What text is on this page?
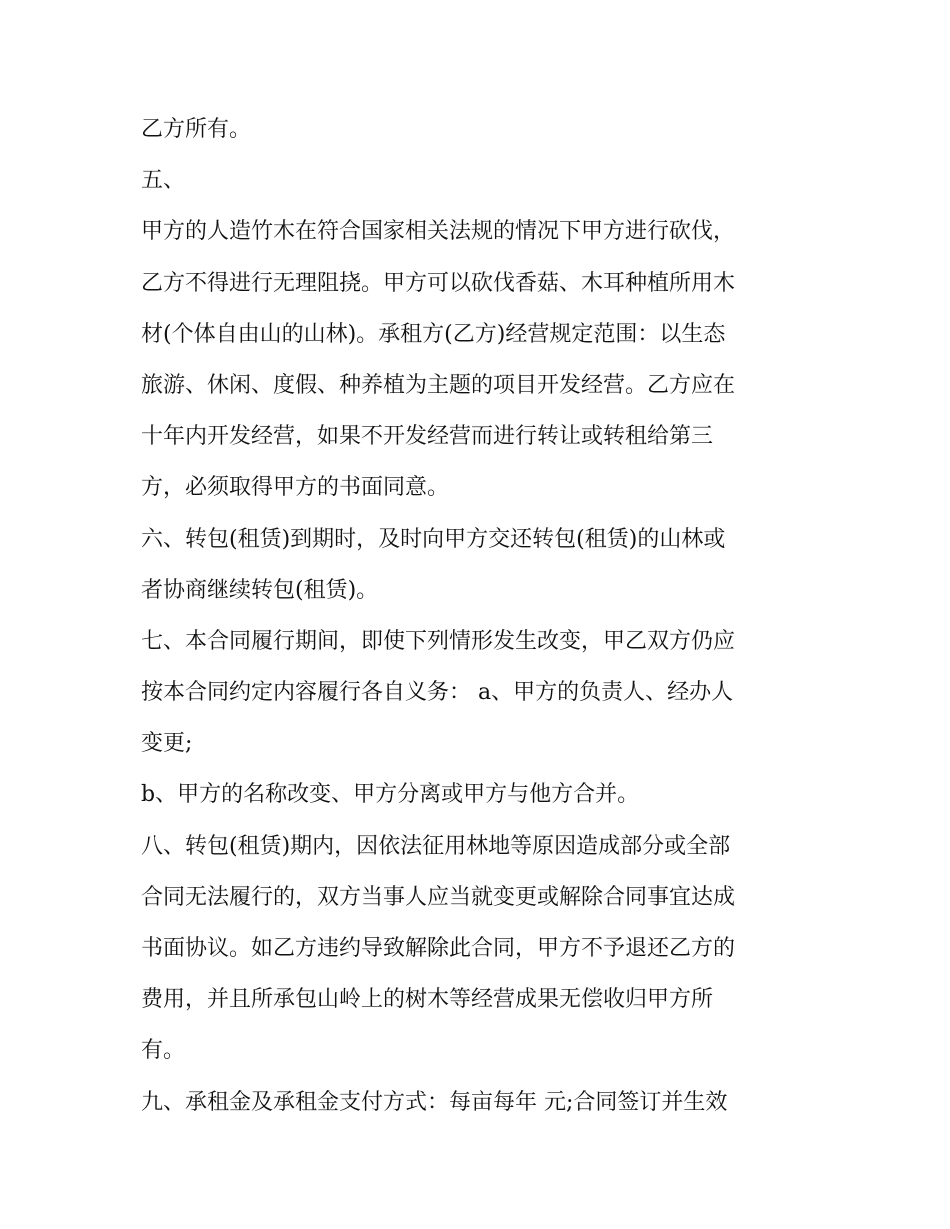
乙方所有。
五、
甲方的人造竹木在符合国家相关法规的情况下甲方进行砍伐，
乙方不得进行无理阻挠。甲方可以砍伐香菇、木耳种植所用木
材(个体自由山的山林)。承租方(乙方)经营规定范围：以生态
旅游、休闲、度假、种养植为主题的项目开发经营。乙方应在
十年内开发经营，如果不开发经营而进行转让或转租给第三
方，必须取得甲方的书面同意。
六、转包(租赁)到期时，及时向甲方交还转包(租赁)的山林或
者协商继续转包(租赁)。
七、本合同履行期间，即使下列情形发生改变，甲乙双方仍应
按本合同约定内容履行各自义务： a、甲方的负责人、经办人
变更;
b、甲方的名称改变、甲方分离或甲方与他方合并。
八、转包(租赁)期内，因依法征用林地等原因造成部分或全部
合同无法履行的，双方当事人应当就变更或解除合同事宜达成
书面协议。如乙方违约导致解除此合同，甲方不予退还乙方的
费用，并且所承包山岭上的树木等经营成果无偿收归甲方所
有。
九、承租金及承租金支付方式：每亩每年 元;合同签订并生效
